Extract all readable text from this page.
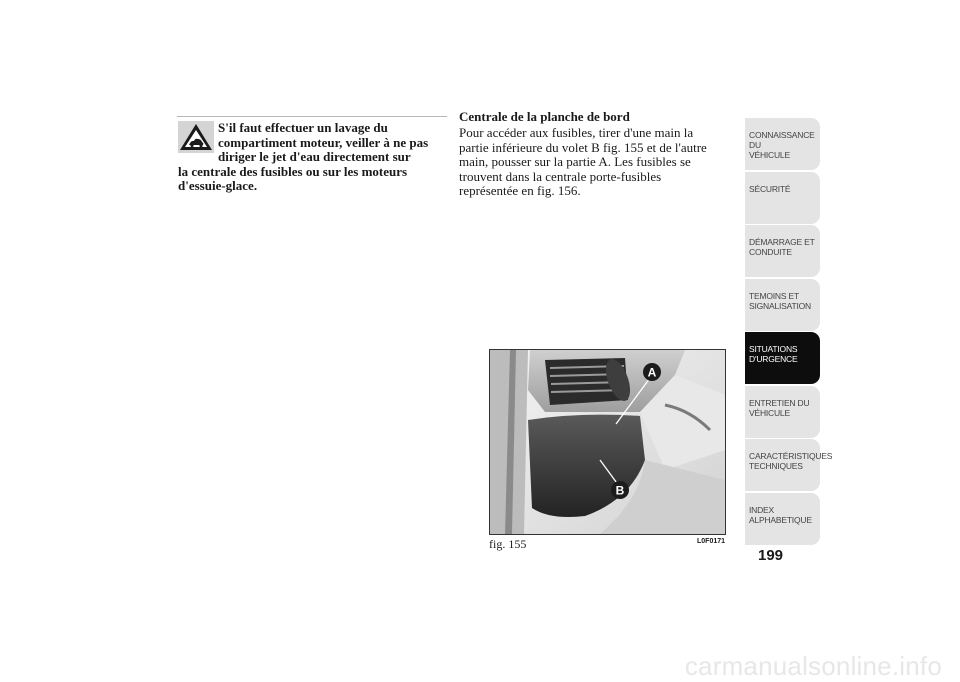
S'il faut effectuer un lavage du
compartiment moteur, veiller à ne pas
diriger le jet d'eau directement sur
la centrale des fusibles ou sur les moteurs
d'essuie-glace.
Centrale de la planche de bord
Pour accéder aux fusibles, tirer d'une main la
partie inférieure du volet B fig. 155 et de l'autre
main, pousser sur la partie A. Les fusibles se
trouvent dans la centrale porte-fusibles
représentée en fig. 156.
A
B
fig. 155	L0F0171
CONNAISSANCE DU
VÉHICULE
SÉCURITÉ
DÉMARRAGE ET
CONDUITE
TEMOINS ET
SIGNALISATION
SITUATIONS
D'URGENCE
ENTRETIEN DU
VÉHICULE
CARACTÉRISTIQUES
TECHNIQUES
INDEX
ALPHABETIQUE
199
carmanualsonline.info
